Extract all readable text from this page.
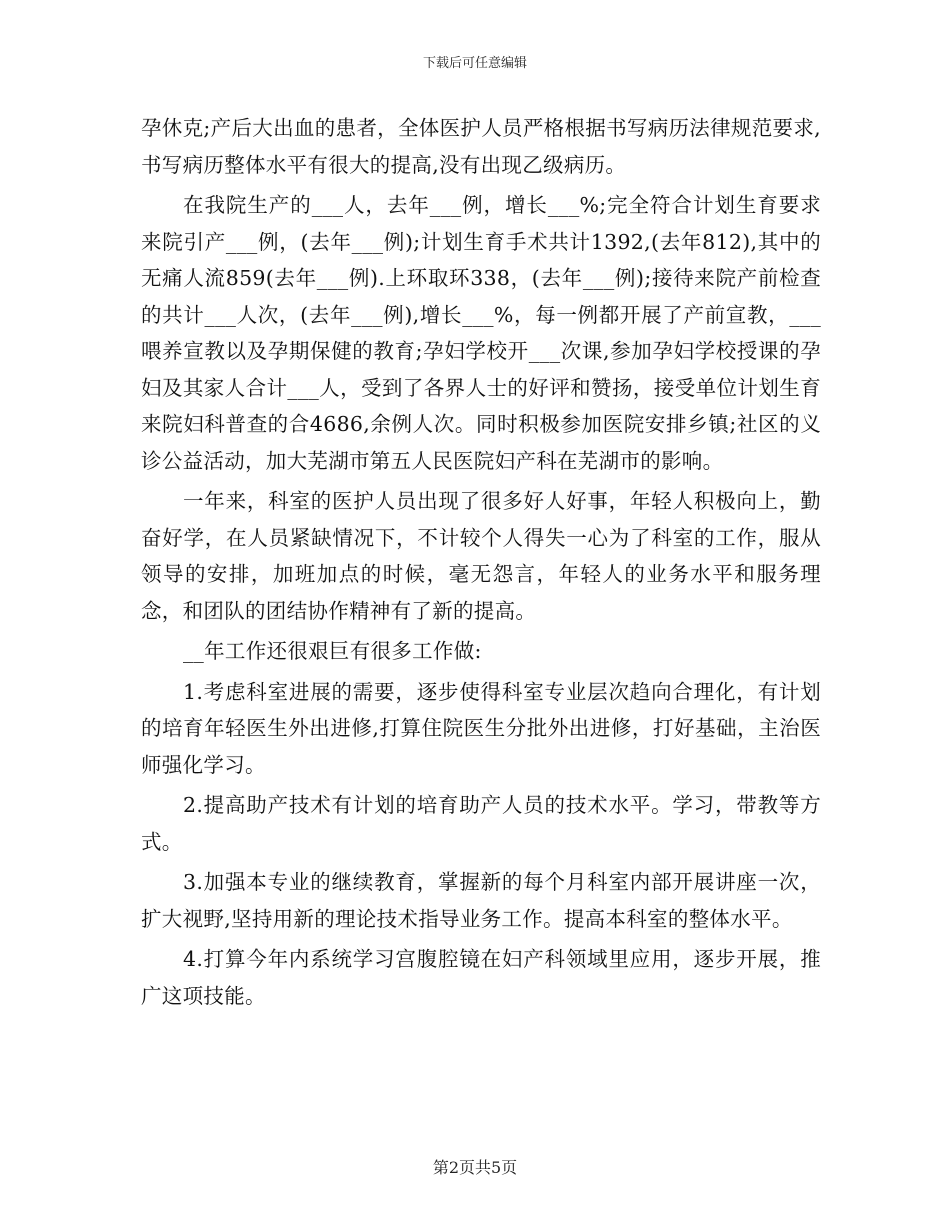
下载后可任意编辑

孕休克;产后大出血的患者，全体医护人员严格根据书写病历法律规范要求,书写病历整体水平有很大的提高,没有出现乙级病历。

在我院生产的___人，去年___例，增长___%;完全符合计划生育要求来院引产___例，(去年___例);计划生育手术共计1392,(去年812),其中的无痛人流859(去年___例).上环取环338，(去年___例);接待来院产前检查的共计___人次，(去年___例),增长___%，每一例都开展了产前宣教，___喂养宣教以及孕期保健的教育;孕妇学校开___次课,参加孕妇学校授课的孕妇及其家人合计___人，受到了各界人士的好评和赞扬，接受单位计划生育来院妇科普查的合4686,余例人次。同时积极参加医院安排乡镇;社区的义诊公益活动，加大芜湖市第五人民医院妇产科在芜湖市的影响。

一年来，科室的医护人员出现了很多好人好事，年轻人积极向上，勤奋好学，在人员紧缺情况下，不计较个人得失一心为了科室的工作，服从领导的安排，加班加点的时候，毫无怨言，年轻人的业务水平和服务理念，和团队的团结协作精神有了新的提高。

__年工作还很艰巨有很多工作做:

1.考虑科室进展的需要，逐步使得科室专业层次趋向合理化，有计划的培育年轻医生外出进修,打算住院医生分批外出进修，打好基础，主治医师强化学习。

2.提高助产技术有计划的培育助产人员的技术水平。学习，带教等方式。

3.加强本专业的继续教育，掌握新的每个月科室内部开展讲座一次，扩大视野,坚持用新的理论技术指导业务工作。提高本科室的整体水平。

4.打算今年内系统学习宫腹腔镜在妇产科领域里应用，逐步开展，推广这项技能。

第2页共5页
